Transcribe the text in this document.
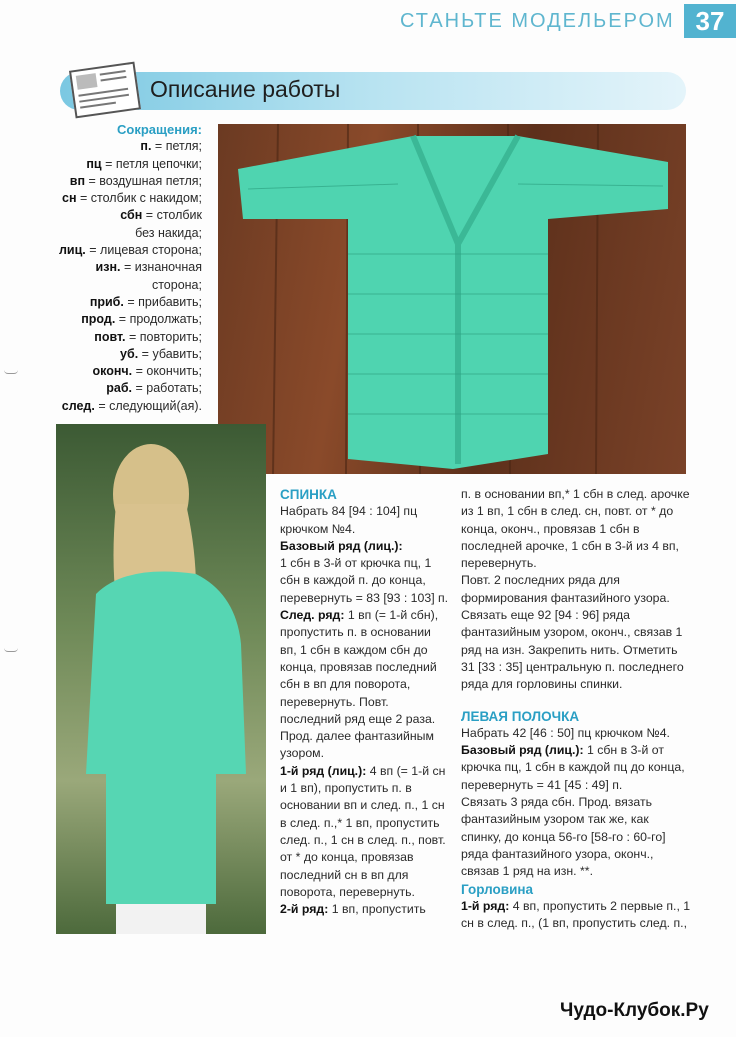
СТАНЬТЕ МОДЕЛЬЕРОМ 37
Описание работы
Сокращения:
п. = петля;
пц = петля цепочки;
вп = воздушная петля;
сн = столбик с накидом;
сбн = столбик
без накида;
лиц. = лицевая сторона;
изн. = изнаночная
сторона;
приб. = прибавить;
прод. = продолжать;
повт. = повторить;
уб. = убавить;
оконч. = окончить;
раб. = работать;
след. = следующий(ая).
СПИНКА

Набрать 84 [94 : 104] пц крючком №4.

Базовый ряд (лиц.):

1 сбн в 3-й от крючка пц, 1 сбн в каждой п. до конца, перевернуть = 83 [93 : 103] п.

След. ряд: 1 вп (= 1-й сбн), пропустить п. в основании вп, 1 сбн в каждом сбн до конца, провязав последний сбн в вп для поворота, перевернуть. Повт. последний ряд еще 2 раза. Прод. далее фантазийным узором.

1-й ряд (лиц.): 4 вп (= 1-й сн и 1 вп), пропустить п. в основании вп и след. п., 1 сн в след. п.,* 1 вп, пропустить след. п., 1 сн в след. п., повт. от * до конца, провязав последний сн в вп для поворота, перевернуть.

2-й ряд: 1 вп, пропустить

п. в основании вп,* 1 сбн в след. арочке из 1 вп, 1 сбн в след. сн, повт. от * до конца, оконч., провязав 1 сбн в последней арочке, 1 сбн в 3-й из 4 вп, перевернуть.

Повт. 2 последних ряда для формирования фантазийного узора.

Связать еще 92 [94 : 96] ряда фантазийным узором, оконч., связав 1 ряд на изн. Закрепить нить. Отметить 31 [33 : 35] центральную п. последнего ряда для горловины спинки.

ЛЕВАЯ ПОЛОЧКА

Набрать 42 [46 : 50] пц крючком №4.

Базовый ряд (лиц.): 1 сбн в 3-й от крючка пц, 1 сбн в каждой пц до конца, перевернуть = 41 [45 : 49] п.

Связать 3 ряда сбн. Прод. вязать фантазийным узором так же, как спинку, до конца 56-го [58-го : 60-го] ряда фантазийного узора, оконч., связав 1 ряд на изн. **.

Горловина

1-й ряд: 4 вп, пропустить 2 первые п., 1 сн в след. п., (1 вп, пропустить след. п.,

Чудо-Клубок.Ру
